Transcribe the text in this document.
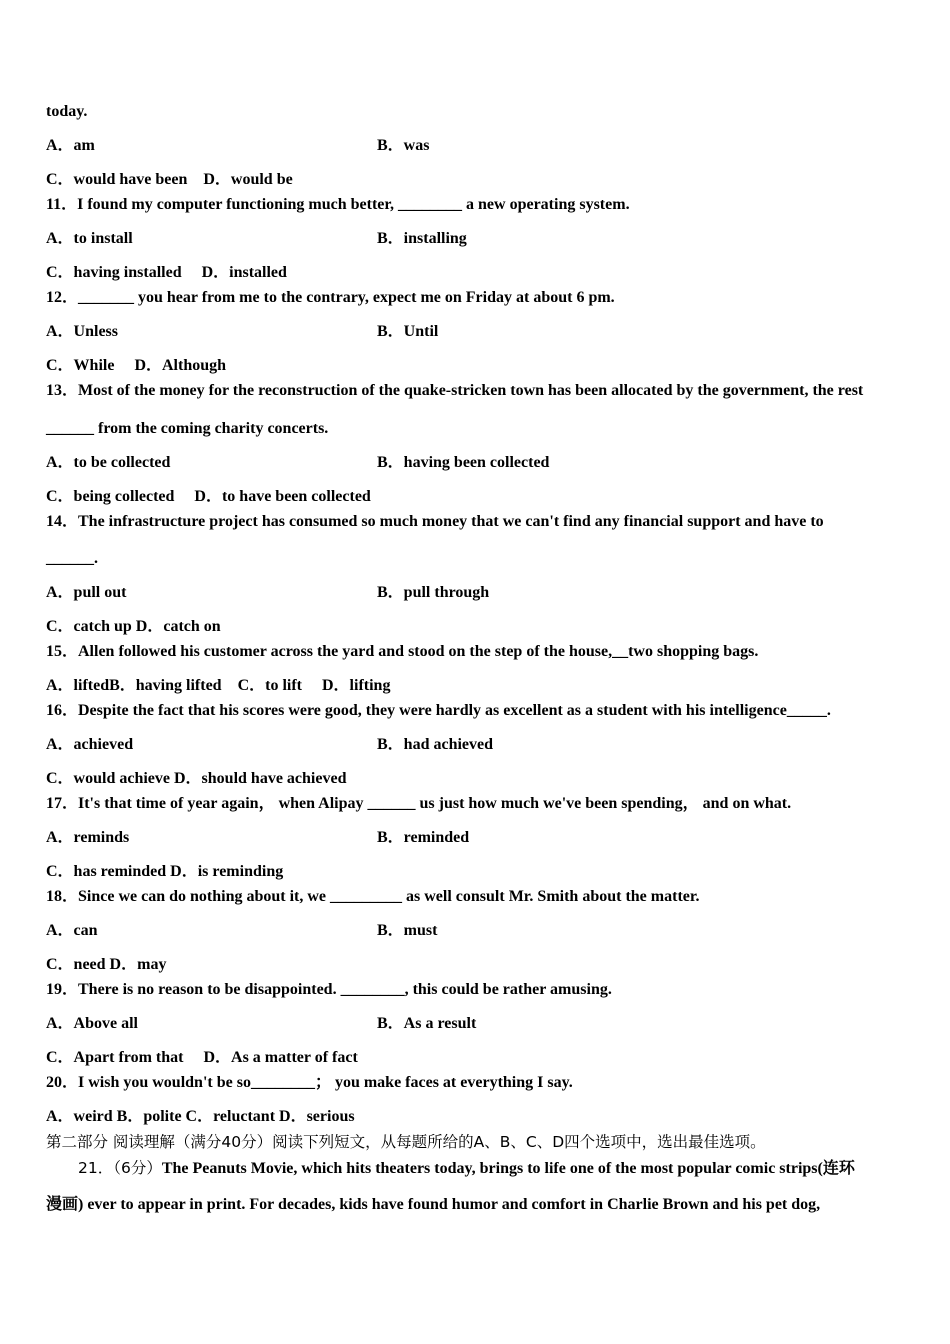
today.
A．am	B．was
C．would have been　D．would be
11．I found my computer functioning much better, ________ a new operating system.
A．to install	B．installing
C．having installed　 D．installed
12．_______ you hear from me to the contrary, expect me on Friday at about 6 pm.
A．Unless	B．Until
C．While　 D．Although
13．Most of the money for the reconstruction of the quake-stricken town has been allocated by the government, the rest
______ from the coming charity concerts.
A．to be collected	B．having been collected
C．being collected　 D．to have been collected
14．The infrastructure project has consumed so much money that we can't find any financial support and have to
______.
A．pull out	B．pull through
C．catch up D．catch on
15．Allen followed his customer across the yard and stood on the step of the house,__two shopping bags.
A．liftedB．having lifted　C．to lift　 D．lifting
16．Despite the fact that his scores were good, they were hardly as excellent as a student with his intelligence_____.
A．achieved	B．had achieved
C．would achieve D．should have achieved
17．It's that time of year again， when Alipay ______ us just how much we've been spending， and on what.
A．reminds	B．reminded
C．has reminded D．is reminding
18．Since we can do nothing about it, we _________ as well consult Mr. Smith about the matter.
A．can	B．must
C．need D．may
19．There is no reason to be disappointed. ________, this could be rather amusing.
A．Above all	B．As a result
C．Apart from that　 D．As a matter of fact
20．I wish you wouldn't be so________； you make faces at everything I say.
A．weird B．polite C．reluctant D．serious
第二部分 阅读理解（满分40分）阅读下列短文，从每题所给的A、B、C、D四个选项中，选出最佳选项。
21．（6分）The Peanuts Movie, which hits theaters today, brings to life one of the most popular comic strips(连环
漫画) ever to appear in print. For decades, kids have found humor and comfort in Charlie Brown and his pet dog,
